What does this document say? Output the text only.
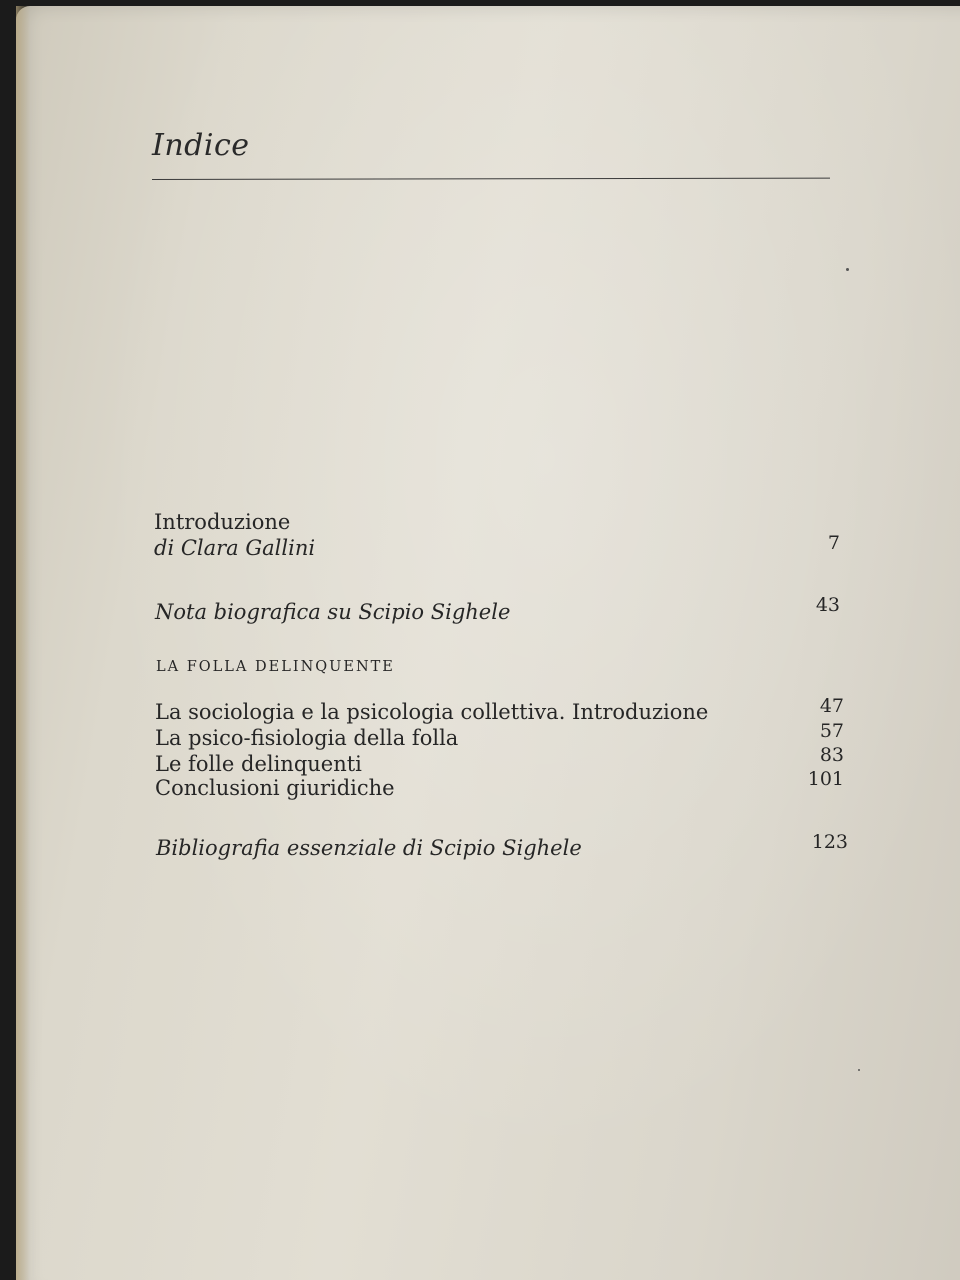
Indice
Introduzione
di Clara Gallini	7
Nota biografica su Scipio Sighele	43
LA FOLLA DELINQUENTE
La sociologia e la psicologia collettiva. Introduzione	47
La psico-fisiologia della folla	57
Le folle delinquenti	83
Conclusioni giuridiche	101
Bibliografia essenziale di Scipio Sighele	123
